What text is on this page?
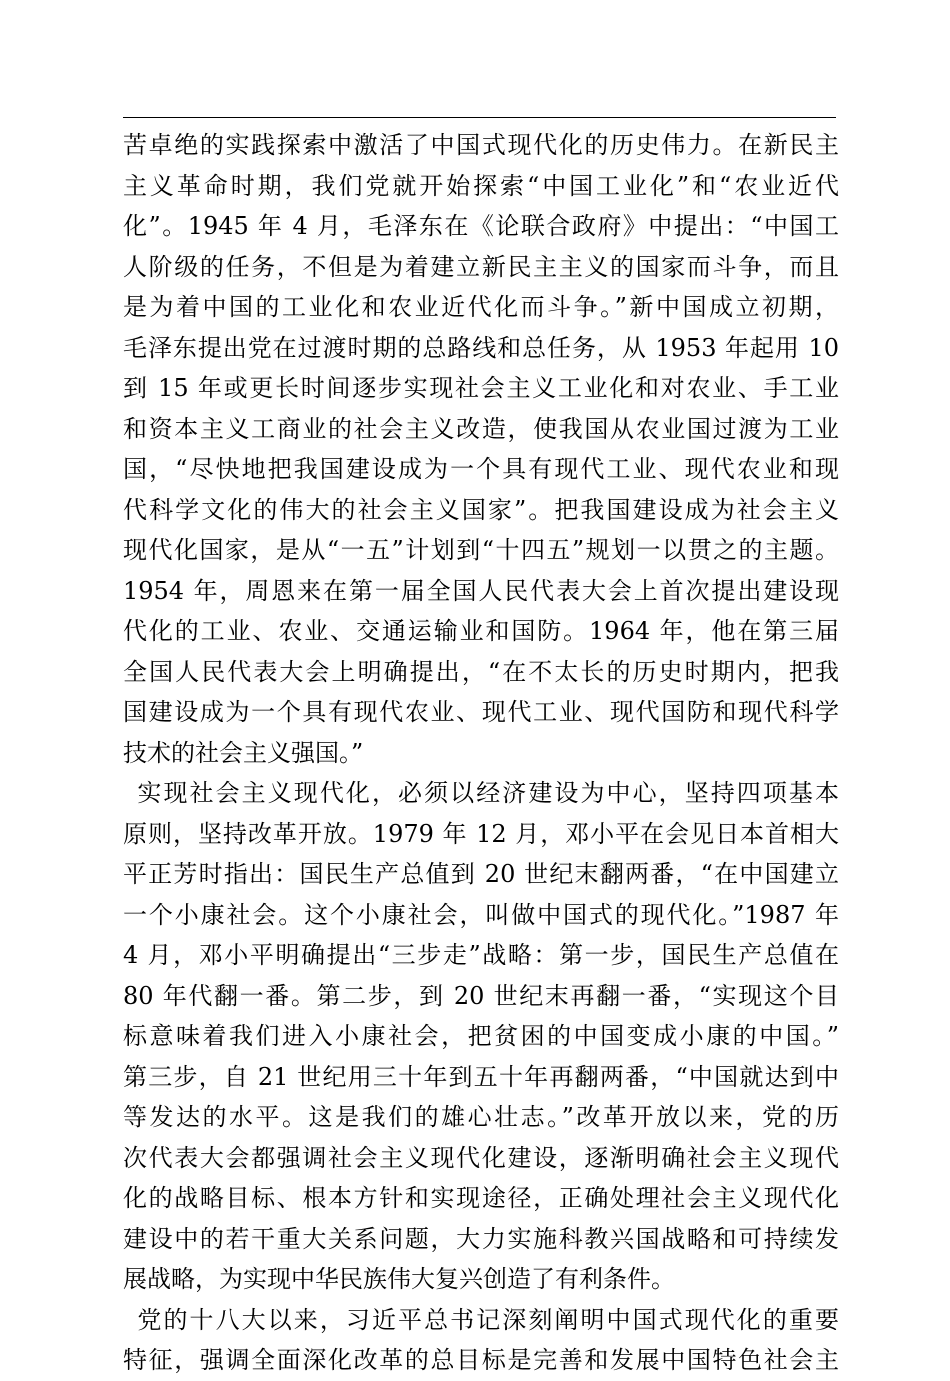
苦卓绝的实践探索中激活了中国式现代化的历史伟力。在新民主
主义革命时期，我们党就开始探索“中国工业化”和“农业近代
化”。1945 年 4 月，毛泽东在《论联合政府》中提出：“中国工
人阶级的任务，不但是为着建立新民主主义的国家而斗争，而且
是为着中国的工业化和农业近代化而斗争。”新中国成立初期，
毛泽东提出党在过渡时期的总路线和总任务，从 1953 年起用 10
到 15 年或更长时间逐步实现社会主义工业化和对农业、手工业
和资本主义工商业的社会主义改造，使我国从农业国过渡为工业
国，“尽快地把我国建设成为一个具有现代工业、现代农业和现
代科学文化的伟大的社会主义国家”。把我国建设成为社会主义
现代化国家，是从“一五”计划到“十四五”规划一以贯之的主题。
1954 年，周恩来在第一届全国人民代表大会上首次提出建设现
代化的工业、农业、交通运输业和国防。1964 年，他在第三届
全国人民代表大会上明确提出，“在不太长的历史时期内，把我
国建设成为一个具有现代农业、现代工业、现代国防和现代科学
技术的社会主义强国。”
实现社会主义现代化，必须以经济建设为中心，坚持四项基本
原则，坚持改革开放。1979 年 12 月，邓小平在会见日本首相大
平正芳时指出：国民生产总值到 20 世纪末翻两番，“在中国建立
一个小康社会。这个小康社会，叫做中国式的现代化。”1987 年
4 月，邓小平明确提出“三步走”战略：第一步，国民生产总值在
80 年代翻一番。第二步，到 20 世纪末再翻一番，“实现这个目
标意味着我们进入小康社会，把贫困的中国变成小康的中国。”
第三步，自 21 世纪用三十年到五十年再翻两番，“中国就达到中
等发达的水平。这是我们的雄心壮志。”改革开放以来，党的历
次代表大会都强调社会主义现代化建设，逐渐明确社会主义现代
化的战略目标、根本方针和实现途径，正确处理社会主义现代化
建设中的若干重大关系问题，大力实施科教兴国战略和可持续发
展战略，为实现中华民族伟大复兴创造了有利条件。
党的十八大以来，习近平总书记深刻阐明中国式现代化的重要
特征，强调全面深化改革的总目标是完善和发展中国特色社会主
